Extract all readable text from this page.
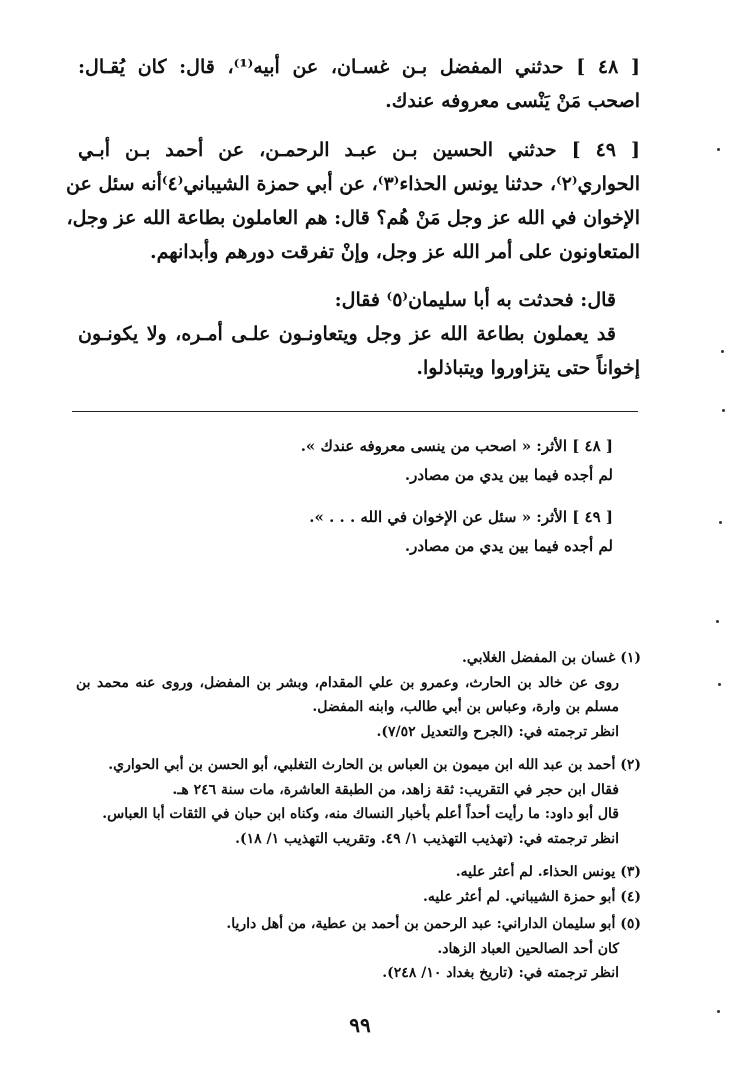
[ ٤٨ ] حدثني المفضل بـن غسـان، عن أبيه⁽¹⁾، قال: كان يُقـال:
اصحب مَنْ يَنْسى معروفه عندك.
[ ٤٩ ] حدثني الحسين بـن عبـد الرحمـن، عن أحمد بـن أبـي
الحواري⁽٢⁾، حدثنا يونس الحذاء⁽٣⁾، عن أبي حمزة الشيباني⁽٤⁾أنه سئل عن
الإخوان في الله عز وجل مَنْ هُم؟ قال: هم العاملون بطاعة الله عز وجل،
المتعاونون على أمر الله عز وجل، وإنْ تفرقت دورهم وأبدانهم.
قال: فحدثت به أبا سليمان⁽٥⁾ فقال:
قد يعملون بطاعة الله عز وجل ويتعاونـون علـى أمـره، ولا يكونـون
إخواناً حتى يتزاوروا ويتباذلوا.
[ ٤٨ ] الأثر: « اصحب من ينسى معروفه عندك ».
لم أجده فيما بين يدي من مصادر.
[ ٤٩ ] الأثر: « سئل عن الإخوان في الله . . . ».
لم أجده فيما بين يدي من مصادر.
(١) غسان بن المفضل الغلابي.
روى عن خالد بن الحارث، وعمرو بن علي المقدام، وبشر بن المفضل، وروى عنه محمد بن
مسلم بن وارة، وعباس بن أبي طالب، وابنه المفضل.
انظر ترجمته في: (الجرح والتعديل ٧/٥٢).
(٢) أحمد بن عبد الله ابن ميمون بن العباس بن الحارث التغلبي، أبو الحسن بن أبي الحواري.
فقال ابن حجر في التقريب: ثقة زاهد، من الطبقة العاشرة، مات سنة ٢٤٦ هـ.
قال أبو داود: ما رأيت أحداً أعلم بأخبار النساك منه، وكناه ابن حبان في الثقات أبا العباس.
انظر ترجمته في: (تهذيب التهذيب ١/ ٤٩. وتقريب التهذيب ١/ ١٨).
(٣) يونس الحذاء. لم أعثر عليه.
(٤) أبو حمزة الشيباني. لم أعثر عليه.
(٥) أبو سليمان الداراني: عبد الرحمن بن أحمد بن عطية، من أهل داريا.
كان أحد الصالحين العباد الزهاد.
انظر ترجمته في: (تاريخ بغداد ١٠/ ٢٤٨).
٩٩
